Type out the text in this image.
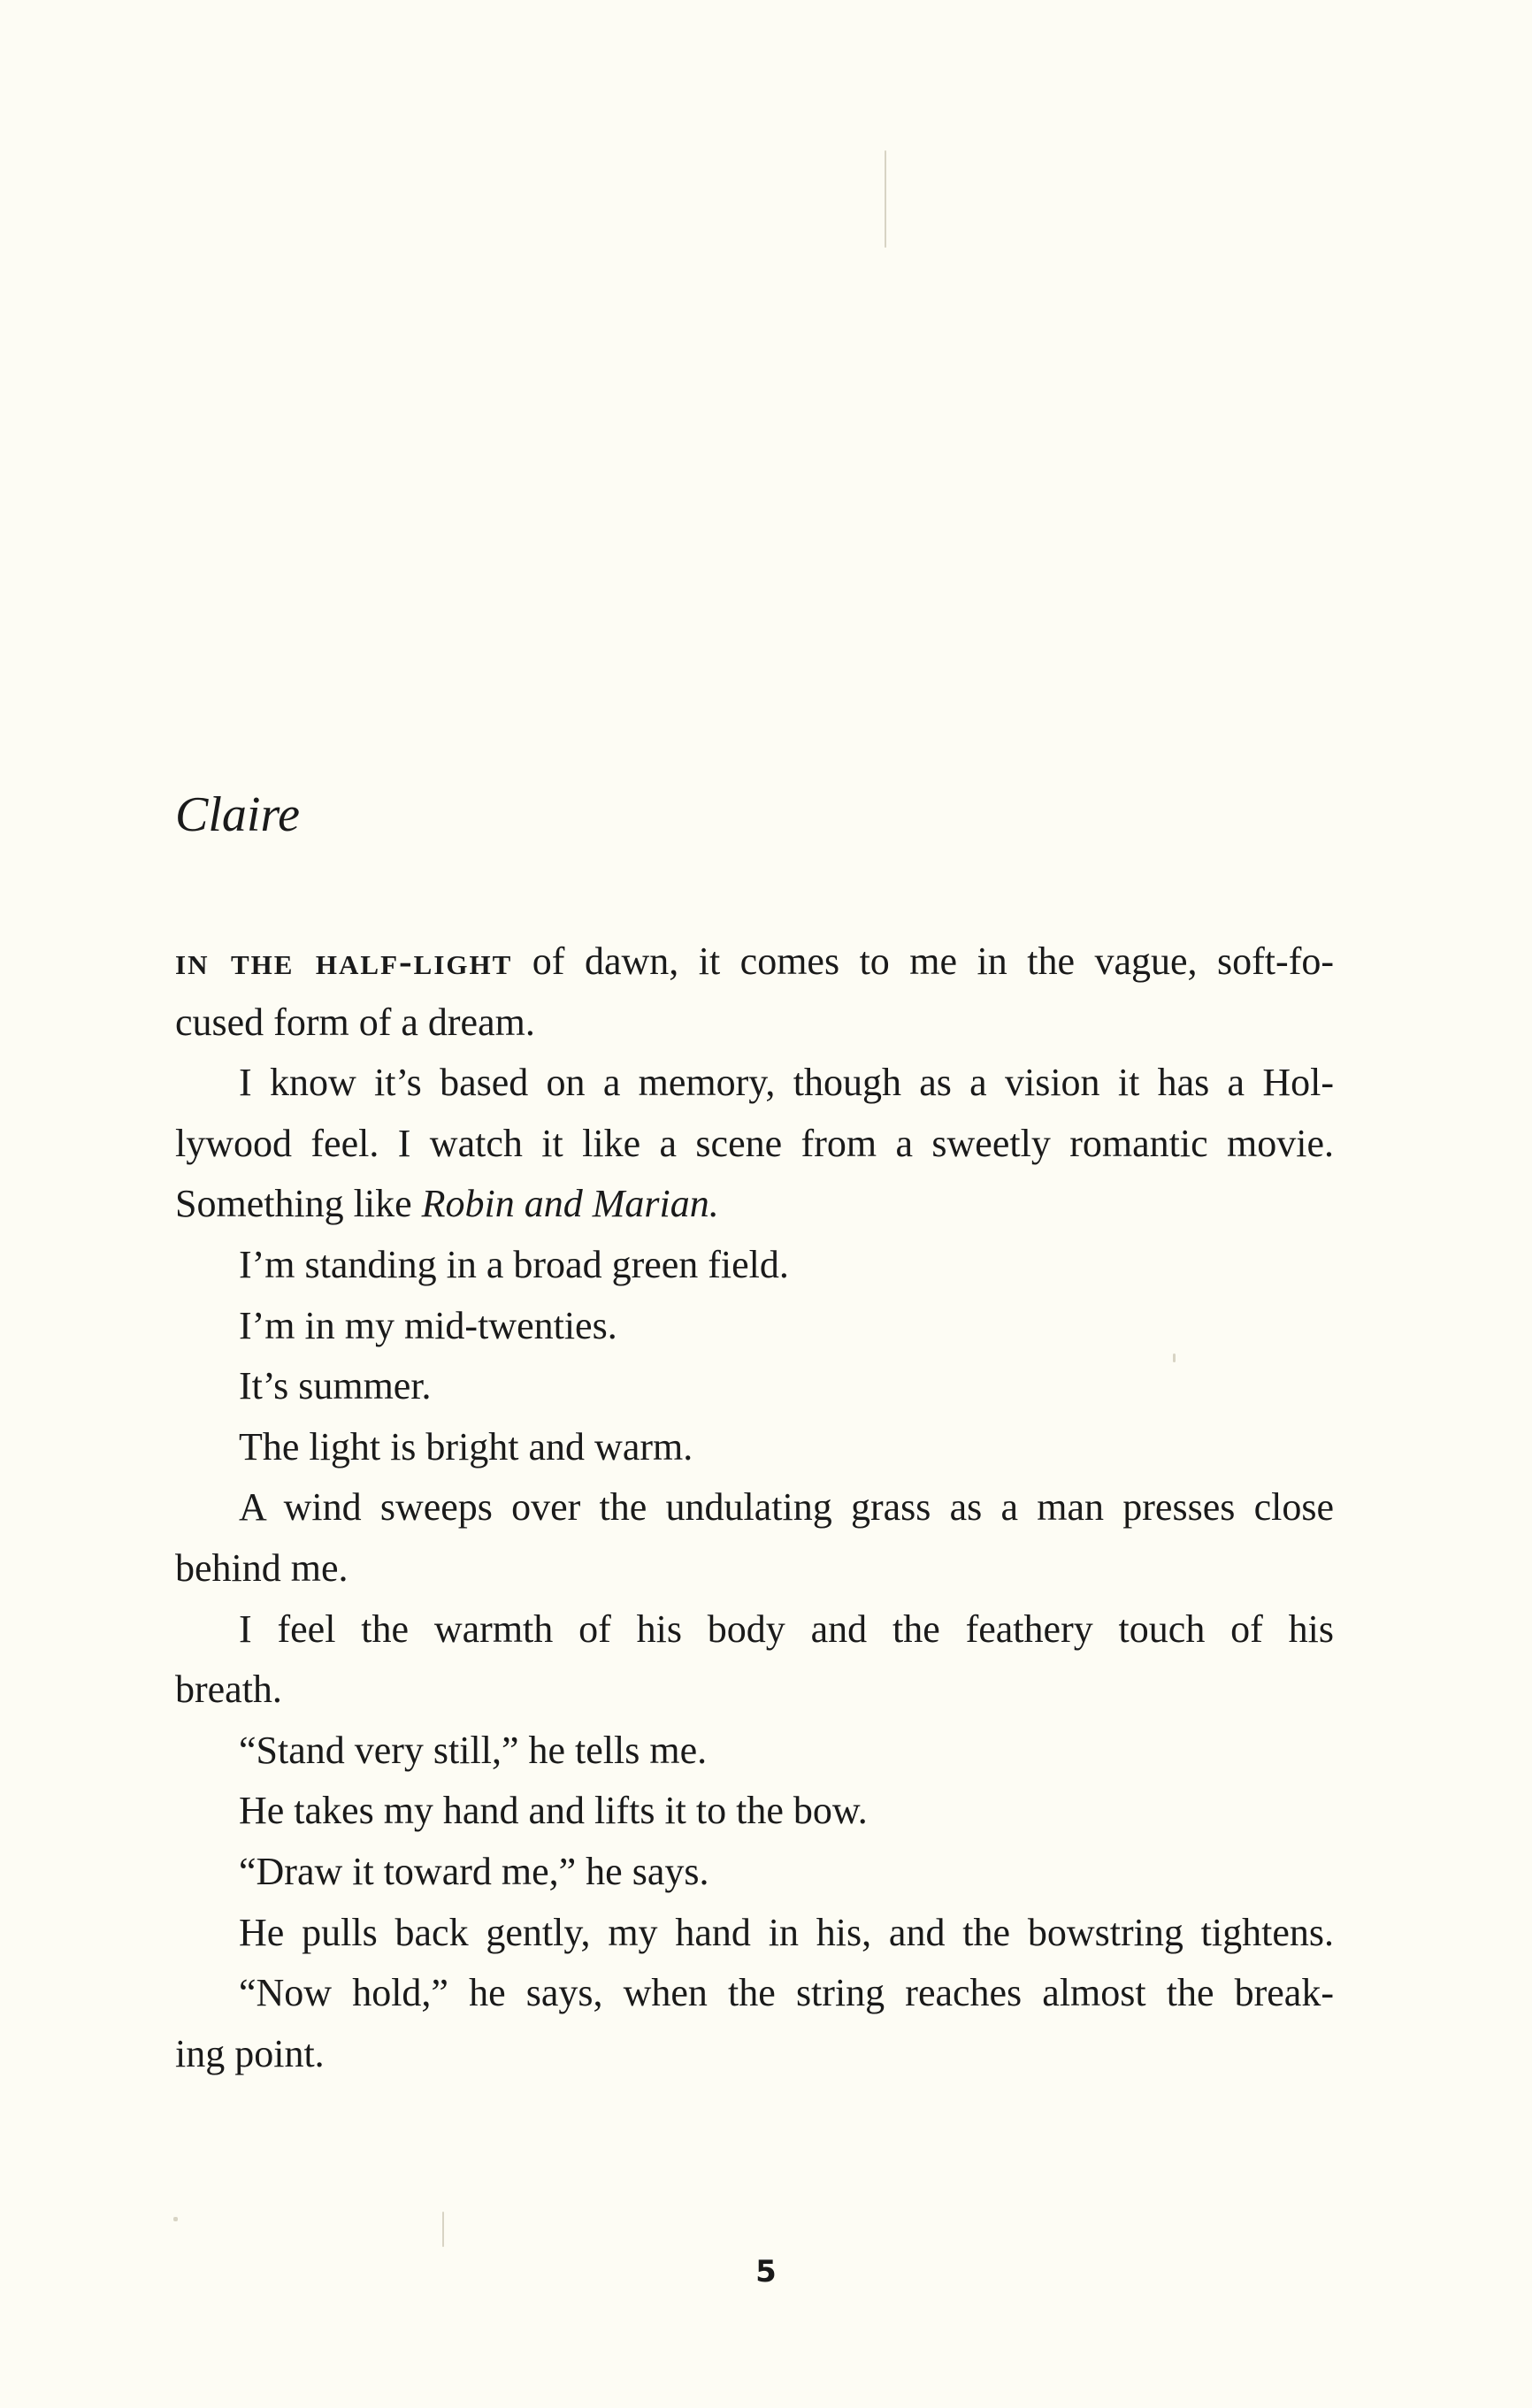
Claire

in the half-light of dawn, it comes to me in the vague, soft-fo-

cused form of a dream.

I know it’s based on a memory, though as a vision it has a Hol-

lywood feel. I watch it like a scene from a sweetly romantic movie.

Something like Robin and Marian.

I’m standing in a broad green field.

I’m in my mid-twenties.

It’s summer.

The light is bright and warm.

A wind sweeps over the undulating grass as a man presses close

behind me.

I feel the warmth of his body and the feathery touch of his

breath.

“Stand very still,” he tells me.

He takes my hand and lifts it to the bow.

“Draw it toward me,” he says.

He pulls back gently, my hand in his, and the bowstring tightens.

“Now hold,” he says, when the string reaches almost the break-

ing point.

5
